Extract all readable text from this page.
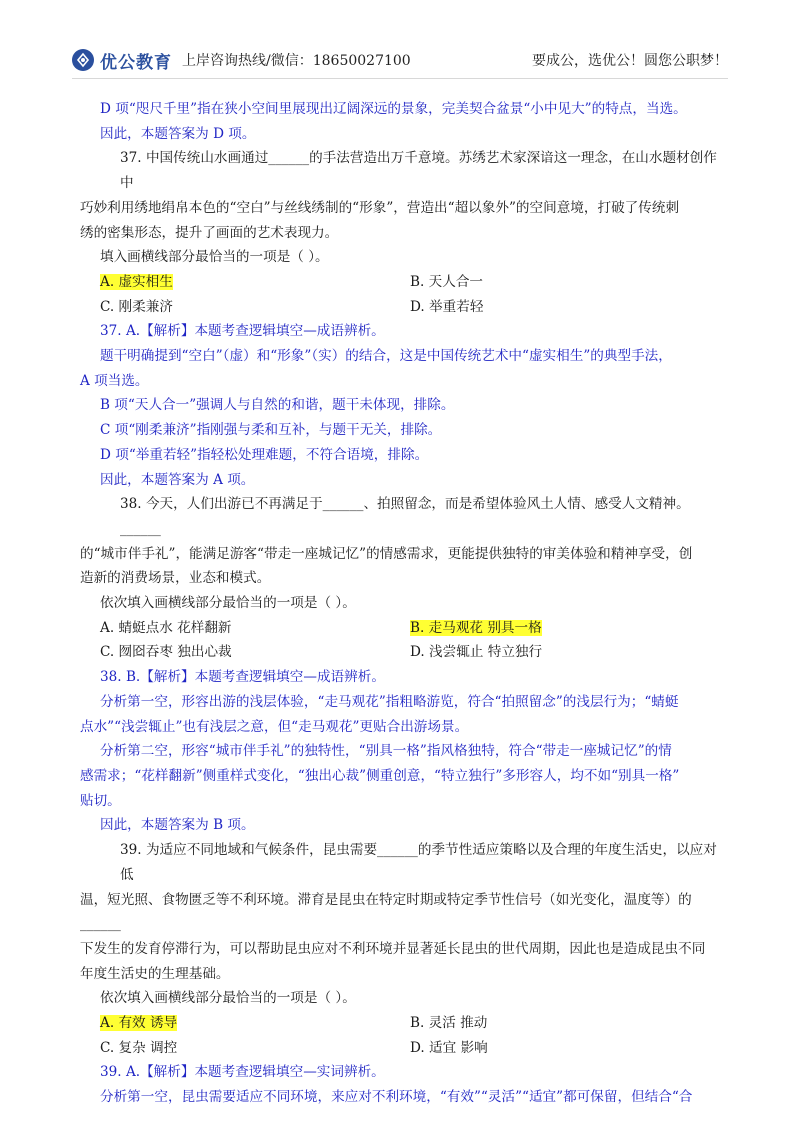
优公教育 上岸咨询热线/微信：18650027100	要成公，选优公！圆您公职梦！

D 项“咫尺千里”指在狭小空间里展现出辽阔深远的景象，完美契合盆景“小中见大”的特点，当选。

因此，本题答案为 D 项。

37. 中国传统山水画通过______的手法营造出万千意境。苏绣艺术家深谙这一理念，在山水题材创作中

巧妙利用绣地绢帛本色的“空白”与丝线绣制的“形象”，营造出“超以象外”的空间意境，打破了传统刺

绣的密集形态，提升了画面的艺术表现力。

填入画横线部分最恰当的一项是（ ）。

A. 虚实相生	B. 天人合一
C. 刚柔兼济	D. 举重若轻

37. A.【解析】本题考查逻辑填空—成语辨析。

题干明确提到“空白”（虚）和“形象”（实）的结合，这是中国传统艺术中“虚实相生”的典型手法，

A 项当选。

B 项“天人合一”强调人与自然的和谐，题干未体现，排除。

C 项“刚柔兼济”指刚强与柔和互补，与题干无关，排除。

D 项“举重若轻”指轻松处理难题，不符合语境，排除。

因此，本题答案为 A 项。

38. 今天，人们出游已不再满足于______、拍照留念，而是希望体验风土人情、感受人文精神。______

的“城市伴手礼”，能满足游客“带走一座城记忆”的情感需求，更能提供独特的审美体验和精神享受，创

造新的消费场景，业态和模式。

依次填入画横线部分最恰当的一项是（ ）。

A. 蜻蜓点水 花样翻新	B. 走马观花 别具一格
C. 囫囵吞枣 独出心裁	D. 浅尝辄止 特立独行

38. B.【解析】本题考查逻辑填空—成语辨析。

分析第一空，形容出游的浅层体验，“走马观花”指粗略游览，符合“拍照留念”的浅层行为；“蜻蜓

点水”“浅尝辄止”也有浅层之意，但“走马观花”更贴合出游场景。

分析第二空，形容“城市伴手礼”的独特性，“别具一格”指风格独特，符合“带走一座城记忆”的情

感需求；“花样翻新”侧重样式变化，“独出心裁”侧重创意，“特立独行”多形容人，均不如“别具一格”

贴切。

因此，本题答案为 B 项。

39. 为适应不同地域和气候条件，昆虫需要______的季节性适应策略以及合理的年度生活史，以应对低

温，短光照、食物匮乏等不利环境。滞育是昆虫在特定时期或特定季节性信号（如光变化，温度等）的______

下发生的发育停滞行为，可以帮助昆虫应对不利环境并显著延长昆虫的世代周期，因此也是造成昆虫不同

年度生活史的生理基础。

依次填入画横线部分最恰当的一项是（ ）。

A. 有效 诱导	B. 灵活 推动
C. 复杂 调控	D. 适宜 影响

39. A.【解析】本题考查逻辑填空—实词辨析。

分析第一空，昆虫需要适应不同环境，来应对不利环境，“有效”“灵活”“适宜”都可保留，但结合“合
